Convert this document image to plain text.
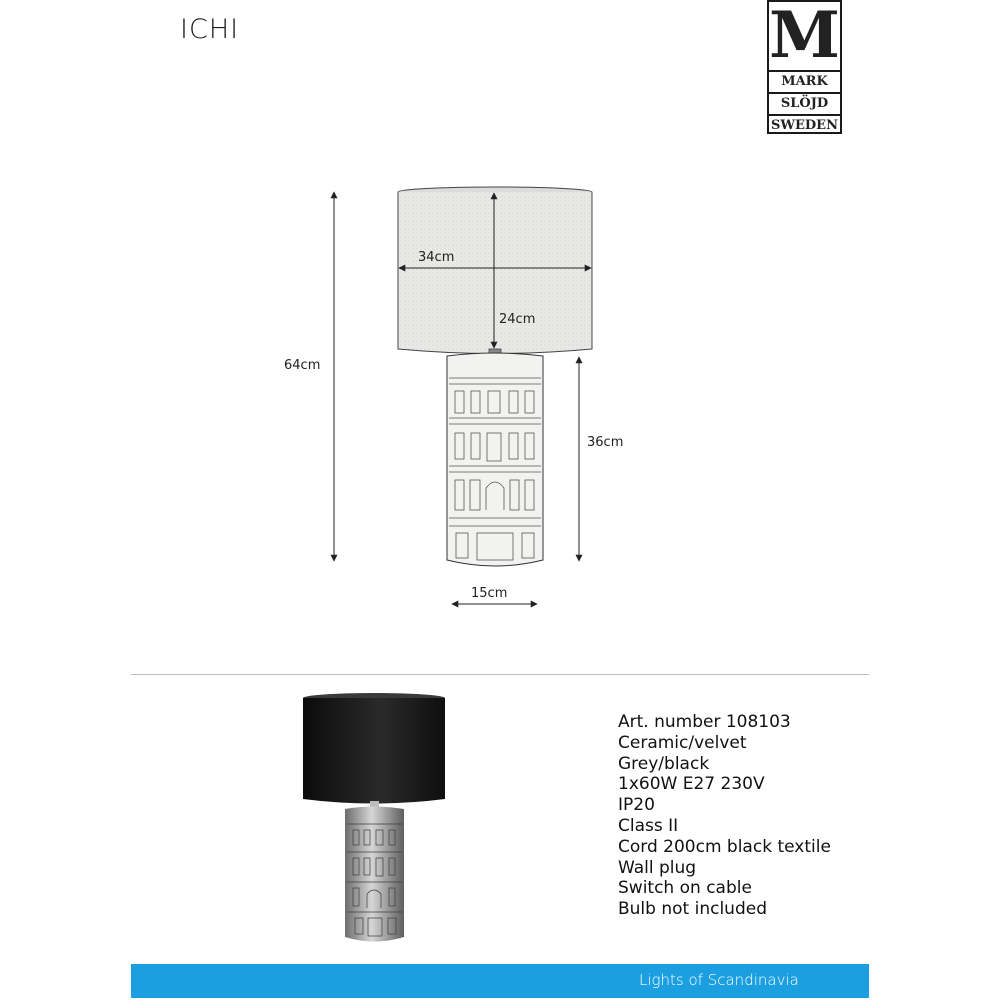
ICHI	M
MARK
SLÖJD
SWEDEN
34cm
24cm
64cm
36cm
15cm
Art. number 108103
Ceramic/velvet
Grey/black
1x60W E27 230V
IP20
Class II
Cord 200cm black textile
Wall plug
Switch on cable
Bulb not included
Lights of Scandinavia
